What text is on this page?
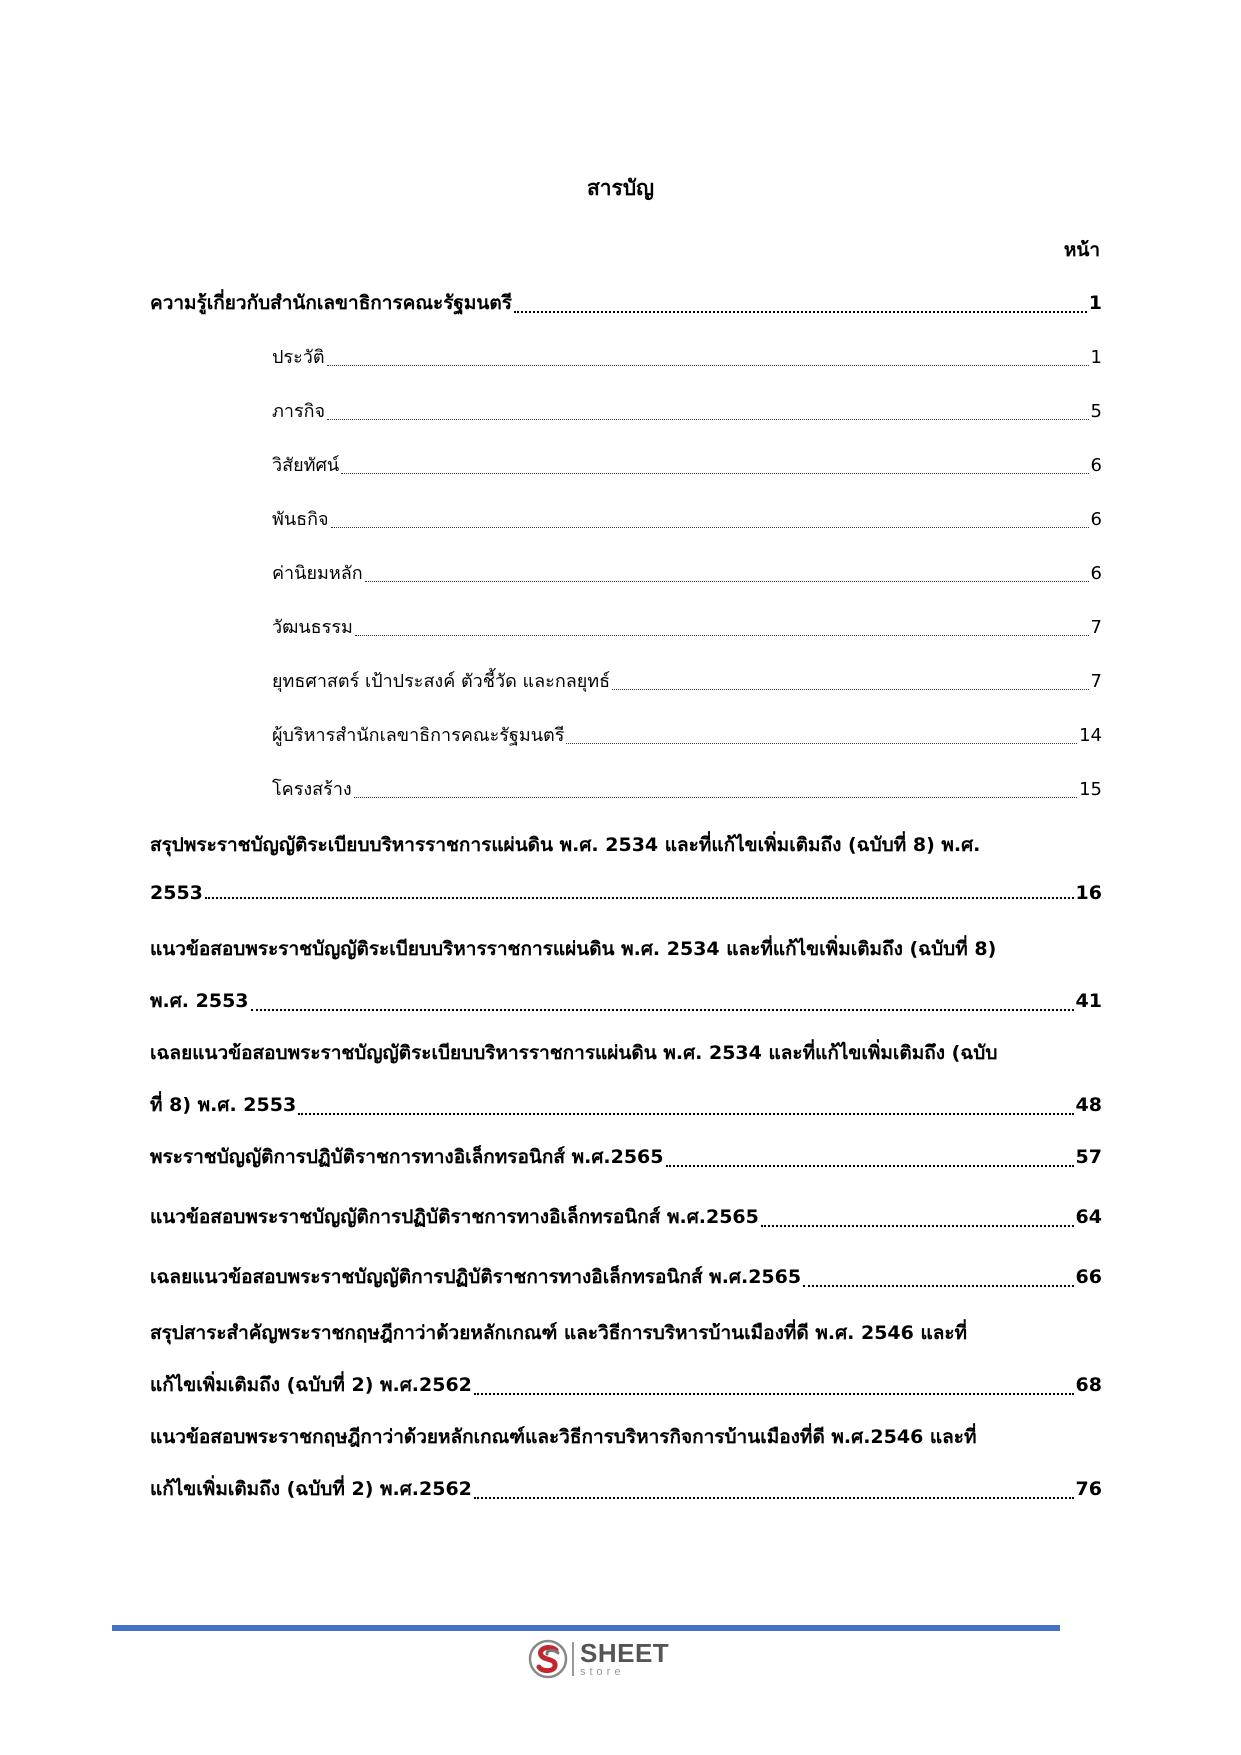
สารบัญ
หน้า
ความรู้เกี่ยวกับสำนักเลขาธิการคณะรัฐมนตรี	1
ประวัติ	1
ภารกิจ	5
วิสัยทัศน์	6
พันธกิจ	6
ค่านิยมหลัก	6
วัฒนธรรม	7
ยุทธศาสตร์ เป้าประสงค์ ตัวชี้วัด และกลยุทธ์	7
ผู้บริหารสำนักเลขาธิการคณะรัฐมนตรี	14
โครงสร้าง	15
สรุปพระราชบัญญัติระเบียบบริหารราชการแผ่นดิน พ.ศ. 2534 และที่แก้ไขเพิ่มเติมถึง (ฉบับที่ 8) พ.ศ.
2553	16
แนวข้อสอบพระราชบัญญัติระเบียบบริหารราชการแผ่นดิน พ.ศ. 2534 และที่แก้ไขเพิ่มเติมถึง (ฉบับที่ 8)
พ.ศ. 2553	41
เฉลยแนวข้อสอบพระราชบัญญัติระเบียบบริหารราชการแผ่นดิน พ.ศ. 2534 และที่แก้ไขเพิ่มเติมถึง (ฉบับ
ที่ 8) พ.ศ. 2553	48
พระราชบัญญัติการปฏิบัติราชการทางอิเล็กทรอนิกส์ พ.ศ.2565	57
แนวข้อสอบพระราชบัญญัติการปฏิบัติราชการทางอิเล็กทรอนิกส์ พ.ศ.2565	64
เฉลยแนวข้อสอบพระราชบัญญัติการปฏิบัติราชการทางอิเล็กทรอนิกส์ พ.ศ.2565	66
สรุปสาระสำคัญพระราชกฤษฎีกาว่าด้วยหลักเกณฑ์ และวิธีการบริหารบ้านเมืองที่ดี พ.ศ. 2546 และที่
แก้ไขเพิ่มเติมถึง (ฉบับที่ 2) พ.ศ.2562	68
แนวข้อสอบพระราชกฤษฎีกาว่าด้วยหลักเกณฑ์และวิธีการบริหารกิจการบ้านเมืองที่ดี พ.ศ.2546 และที่
แก้ไขเพิ่มเติมถึง (ฉบับที่ 2) พ.ศ.2562	76
SHEET
store
